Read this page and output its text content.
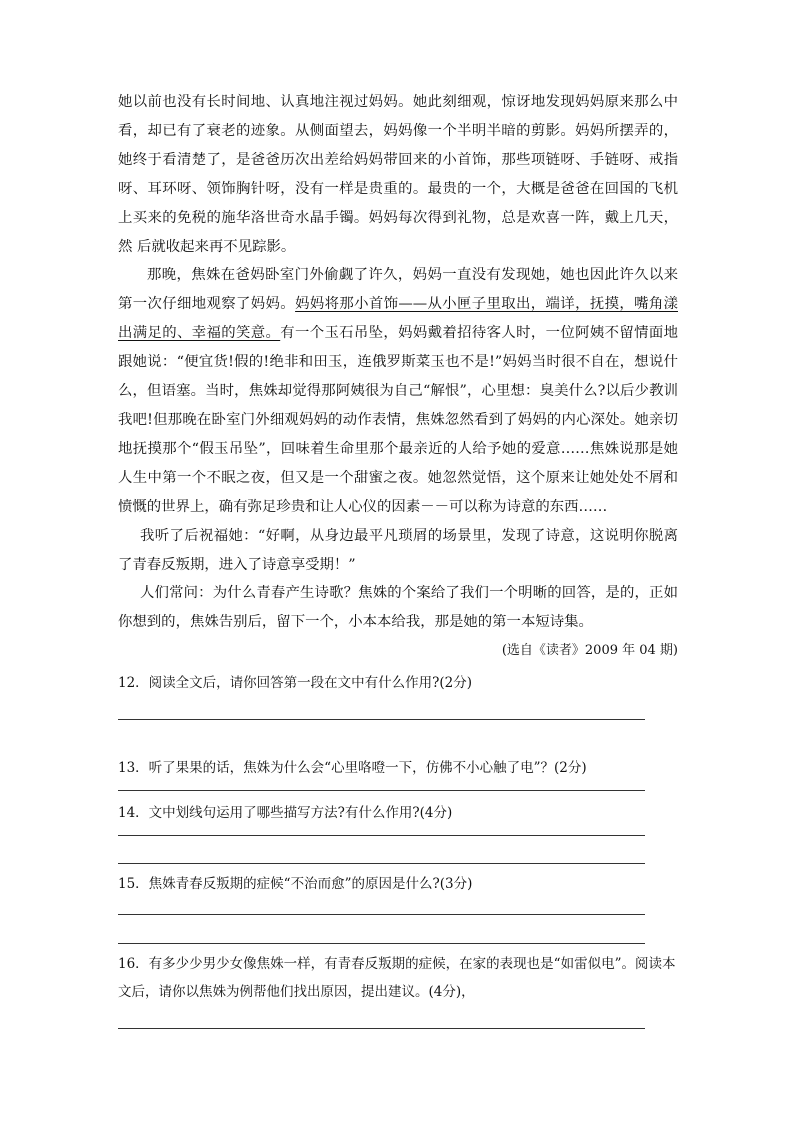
她以前也没有长时间地、认真地注视过妈妈。她此刻细观，惊讶地发现妈妈原来那么中看，却已有了衰老的迹象。从侧面望去，妈妈像一个半明半暗的剪影。妈妈所摆弄的，她终于看清楚了，是爸爸历次出差给妈妈带回来的小首饰，那些项链呀、手链呀、戒指呀、耳环呀、领饰胸针呀，没有一样是贵重的。最贵的一个，大概是爸爸在回国的飞机上买来的免税的施华洛世奇水晶手镯。妈妈每次得到礼物，总是欢喜一阵，戴上几天，然 后就收起来再不见踪影。

那晚，焦姝在爸妈卧室门外偷觑了许久，妈妈一直没有发现她，她也因此许久以来第一次仔细地观察了妈妈。妈妈将那小首饰——从小匣子里取出，端详，抚摸，嘴角漾出满足的、幸福的笑意。有一个玉石吊坠，妈妈戴着招待客人时，一位阿姨不留情面地跟她说：“便宜货!假的!绝非和田玉，连俄罗斯菜玉也不是!”妈妈当时很不自在，想说什么，但语塞。当时，焦姝却觉得那阿姨很为自己“解恨”，心里想：臭美什么?以后少教训我吧!但那晚在卧室门外细观妈妈的动作表情，焦姝忽然看到了妈妈的内心深处。她亲切地抚摸那个“假玉吊坠”，回味着生命里那个最亲近的人给予她的爱意……焦姝说那是她人生中第一个不眠之夜，但又是一个甜蜜之夜。她忽然觉悟，这个原来让她处处不屑和愤慨的世界上，确有弥足珍贵和让人心仪的因素－－可以称为诗意的东西……

我听了后祝福她：“好啊，从身边最平凡琐屑的场景里，发现了诗意，这说明你脱离了青春反叛期，进入了诗意享受期！”

人们常问：为什么青春产生诗歌？焦姝的个案给了我们一个明晰的回答，是的，正如你想到的，焦姝告别后，留下一个，小本本给我，那是她的第一本短诗集。

(选自《读者》2009 年 04 期)

12．阅读全文后，请你回答第一段在文中有什么作用?(2分)

13．听了果果的话，焦姝为什么会“心里咯噔一下，仿佛不小心触了电”？(2分)

14．文中划线句运用了哪些描写方法?有什么作用?(4分)

15．焦姝青春反叛期的症候“不治而愈”的原因是什么?(3分)

16．有多少少男少女像焦姝一样，有青春反叛期的症候，在家的表现也是“如雷似电”。阅读本文后，请你以焦姝为例帮他们找出原因，提出建议。(4分)，
